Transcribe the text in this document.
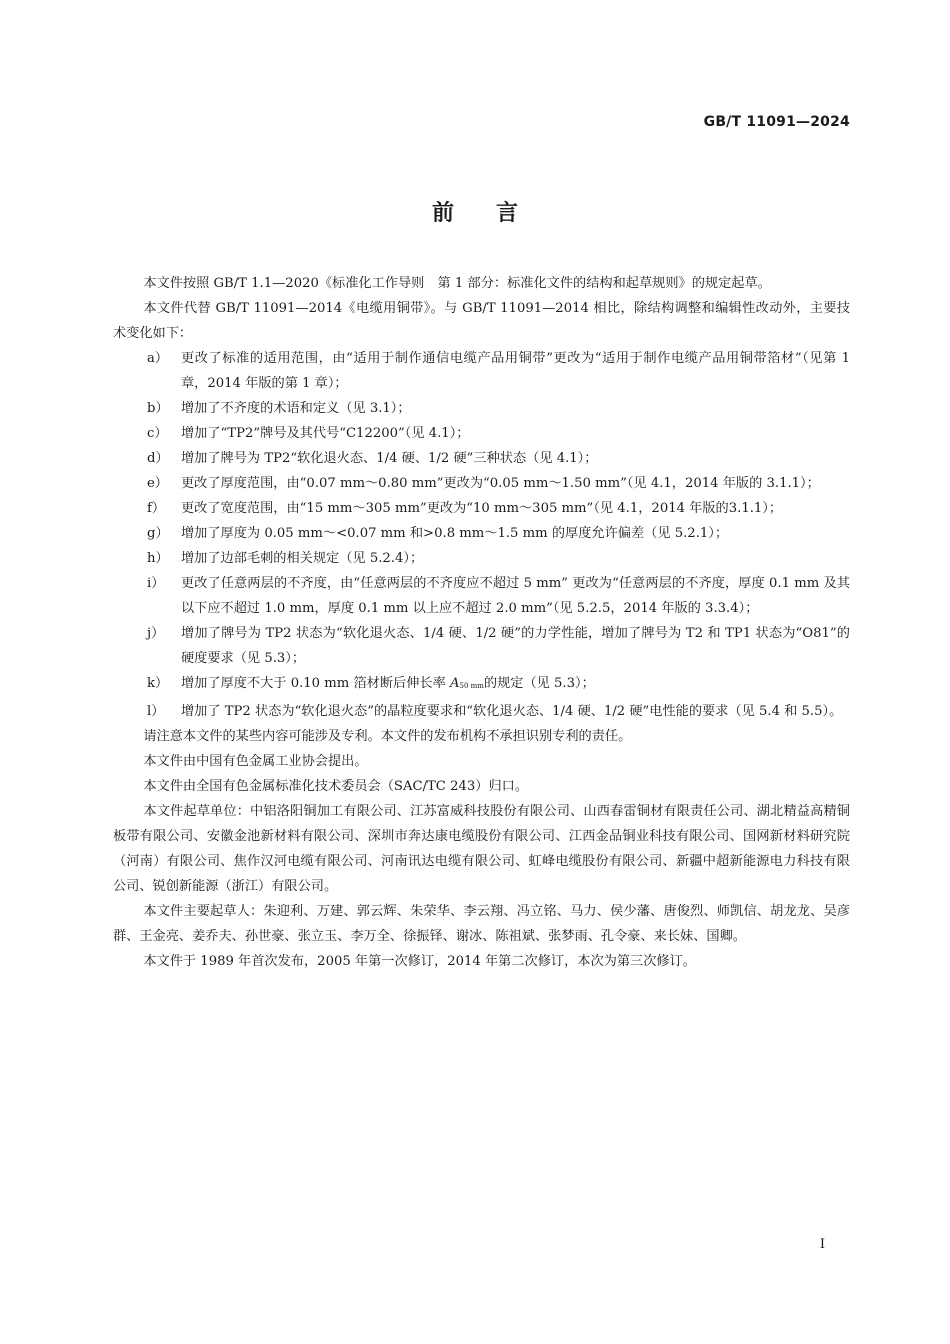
GB/T 11091—2024
前言

本文件按照 GB/T 1.1—2020《标准化工作导则　第 1 部分：标准化文件的结构和起草规则》的规定起草。

本文件代替 GB/T 11091—2014《电缆用铜带》。与 GB/T 11091—2014 相比，除结构调整和编辑性改动外，主要技术变化如下：

a） 更改了标准的适用范围，由“适用于制作通信电缆产品用铜带”更改为“适用于制作电缆产品用铜带箔材”（见第 1 章，2014 年版的第 1 章）；
b） 增加了不齐度的术语和定义（见 3.1）；
c）	增加了“TP2”牌号及其代号“C12200”（见 4.1）；
d） 增加了牌号为 TP2“软化退火态、1/4 硬、1/2 硬”三种状态（见 4.1）；
e） 更改了厚度范围，由“0.07 mm～0.80 mm”更改为“0.05 mm～1.50 mm”（见 4.1，2014 年版的 3.1.1）；
f）	更改了宽度范围，由“15 mm～305 mm”更改为“10 mm～305 mm”（见 4.1，2014 年版的3.1.1）；
g） 增加了厚度为 0.05 mm～<0.07 mm 和>0.8 mm～1.5 mm 的厚度允许偏差（见 5.2.1）；
h） 增加了边部毛刺的相关规定（见 5.2.4）；
i）	更改了任意两层的不齐度，由“任意两层的不齐度应不超过 5 mm” 更改为“任意两层的不齐度，厚度 0.1 mm 及其以下应不超过 1.0 mm，厚度 0.1 mm 以上应不超过 2.0 mm”（见 5.2.5，2014 年版的 3.3.4）；
j）	增加了牌号为 TP2 状态为“软化退火态、1/4 硬、1/2 硬”的力学性能，增加了牌号为 T2 和 TP1 状态为“O81”的硬度要求（见 5.3）；
k） 增加了厚度不大于 0.10 mm 箔材断后伸长率 A50 mm的规定（见 5.3）；
l）	增加了 TP2 状态为“软化退火态”的晶粒度要求和“软化退火态、1/4 硬、1/2 硬”电性能的要求（见 5.4 和 5.5）。

请注意本文件的某些内容可能涉及专利。本文件的发布机构不承担识别专利的责任。

本文件由中国有色金属工业协会提出。

本文件由全国有色金属标准化技术委员会（SAC/TC 243）归口。

本文件起草单位：中铝洛阳铜加工有限公司、江苏富威科技股份有限公司、山西春雷铜材有限责任公司、湖北精益高精铜板带有限公司、安徽金池新材料有限公司、深圳市奔达康电缆股份有限公司、江西金品铜业科技有限公司、国网新材料研究院（河南）有限公司、焦作汉河电缆有限公司、河南讯达电缆有限公司、虹峰电缆股份有限公司、新疆中超新能源电力科技有限公司、锐创新能源（浙江）有限公司。

本文件主要起草人：朱迎利、万建、郭云辉、朱荣华、李云翔、冯立铭、马力、侯少藩、唐俊烈、师凯信、胡龙龙、吴彦群、王金亮、姜乔夫、孙世豪、张立玉、李万全、徐振铎、谢冰、陈祖斌、张梦雨、孔令豪、来长妹、国卿。

本文件于 1989 年首次发布，2005 年第一次修订，2014 年第二次修订，本次为第三次修订。

Ⅰ
